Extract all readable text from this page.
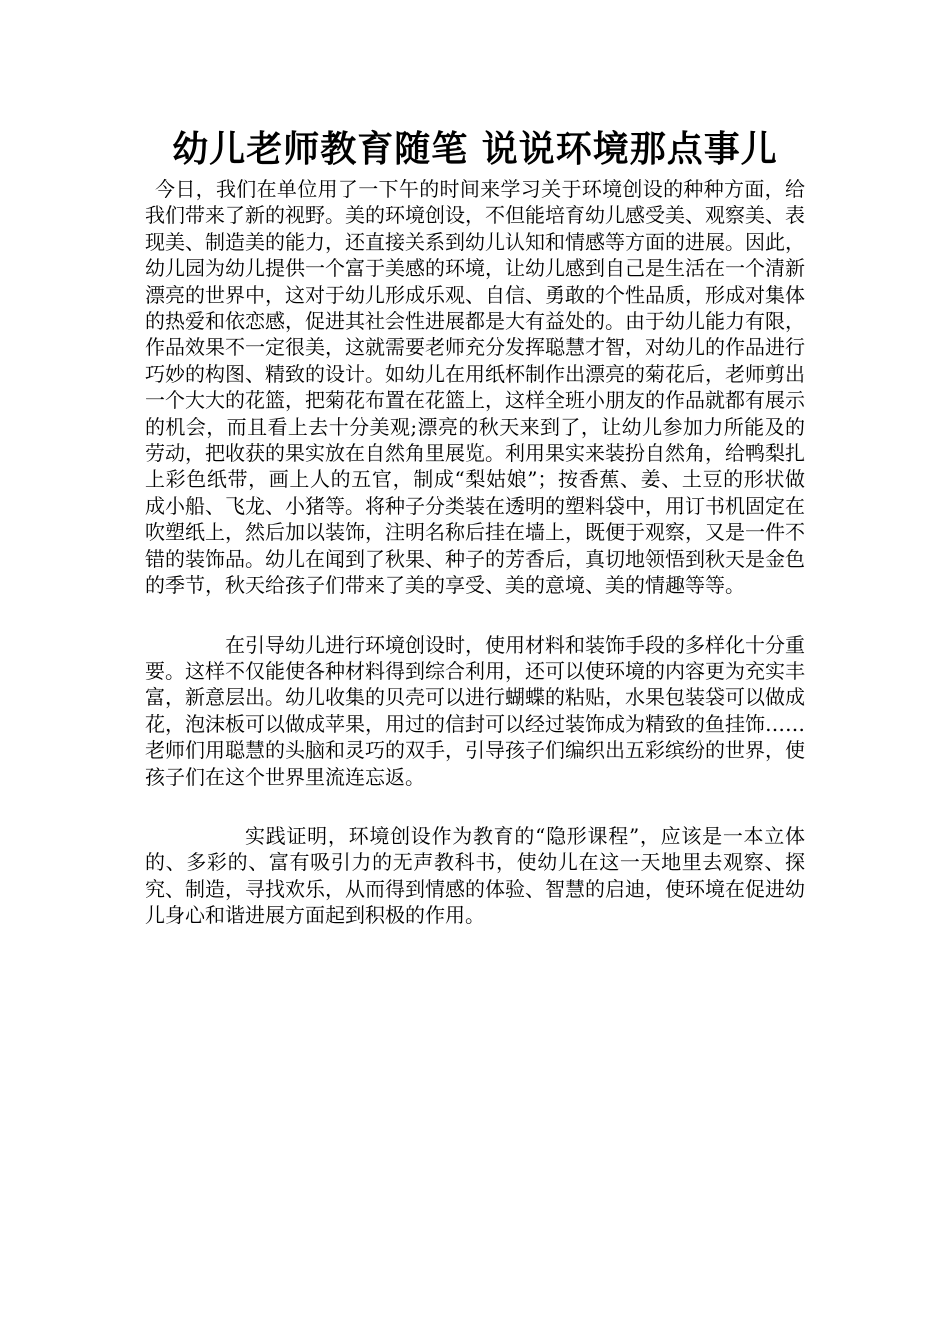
幼儿老师教育随笔 说说环境那点事儿

今日，我们在单位用了一下午的时间来学习关于环境创设的种种方面，给我们带来了新的视野。美的环境创设，不但能培育幼儿感受美、观察美、表现美、制造美的能力，还直接关系到幼儿认知和情感等方面的进展。因此，幼儿园为幼儿提供一个富于美感的环境，让幼儿感到自己是生活在一个清新漂亮的世界中，这对于幼儿形成乐观、自信、勇敢的个性品质，形成对集体的热爱和依恋感，促进其社会性进展都是大有益处的。由于幼儿能力有限，作品效果不一定很美，这就需要老师充分发挥聪慧才智，对幼儿的作品进行巧妙的构图、精致的设计。如幼儿在用纸杯制作出漂亮的菊花后，老师剪出一个大大的花篮，把菊花布置在花篮上，这样全班小朋友的作品就都有展示的机会，而且看上去十分美观;漂亮的秋天来到了，让幼儿参加力所能及的劳动，把收获的果实放在自然角里展览。利用果实来装扮自然角，给鸭梨扎上彩色纸带，画上人的五官，制成“梨姑娘”；按香蕉、姜、土豆的形状做成小船、飞龙、小猪等。将种子分类装在透明的塑料袋中，用订书机固定在吹塑纸上，然后加以装饰，注明名称后挂在墙上，既便于观察，又是一件不错的装饰品。幼儿在闻到了秋果、种子的芳香后，真切地领悟到秋天是金色的季节，秋天给孩子们带来了美的享受、美的意境、美的情趣等等。

在引导幼儿进行环境创设时，使用材料和装饰手段的多样化十分重要。这样不仅能使各种材料得到综合利用，还可以使环境的内容更为充实丰富，新意层出。幼儿收集的贝壳可以进行蝴蝶的粘贴，水果包装袋可以做成花，泡沫板可以做成苹果，用过的信封可以经过装饰成为精致的鱼挂饰……老师们用聪慧的头脑和灵巧的双手，引导孩子们编织出五彩缤纷的世界，使孩子们在这个世界里流连忘返。

实践证明，环境创设作为教育的“隐形课程”，应该是一本立体的、多彩的、富有吸引力的无声教科书，使幼儿在这一天地里去观察、探究、制造，寻找欢乐，从而得到情感的体验、智慧的启迪，使环境在促进幼儿身心和谐进展方面起到积极的作用。
